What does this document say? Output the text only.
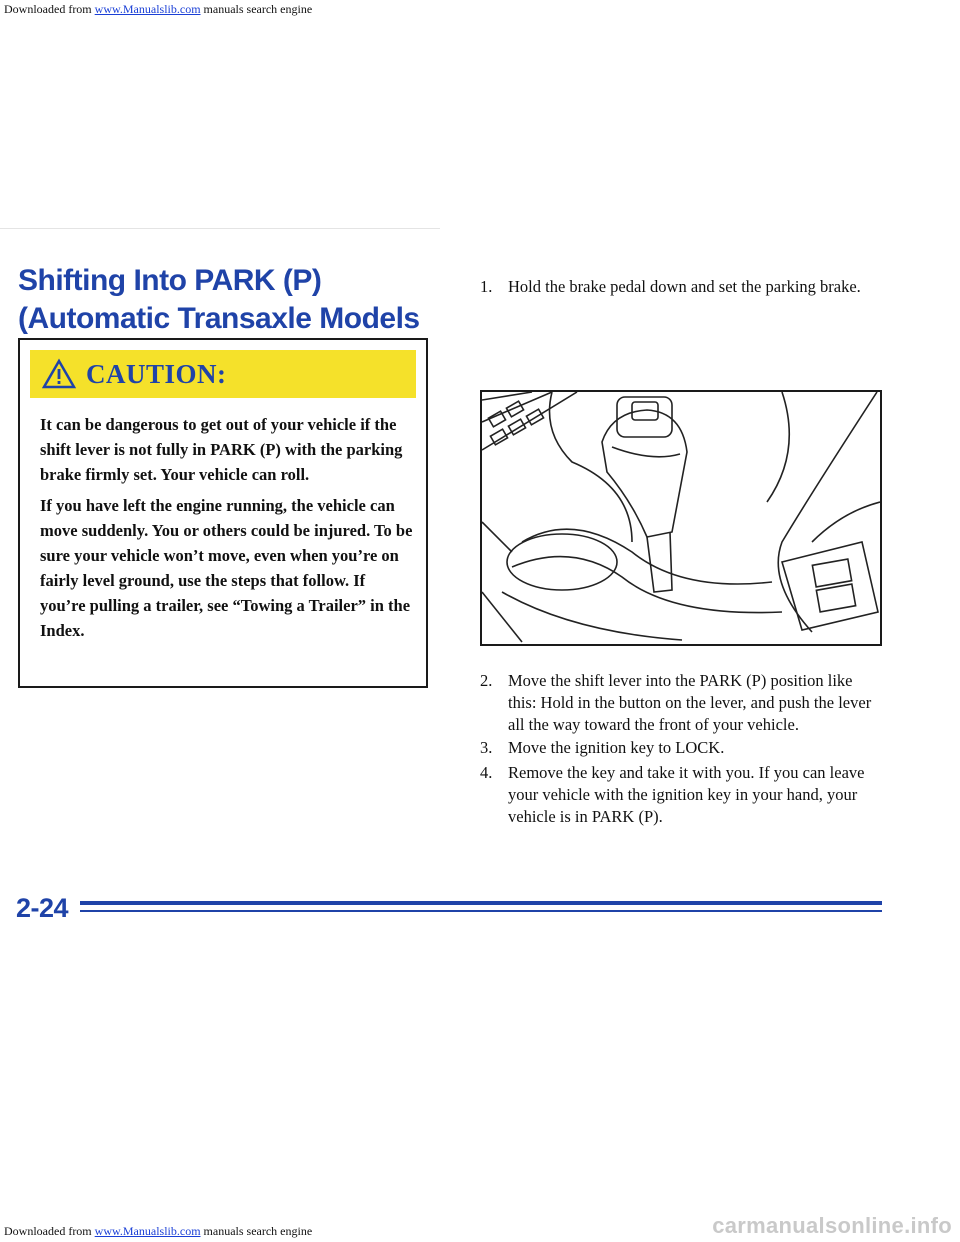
Downloaded from www.Manualslib.com manuals search engine
Shifting Into PARK (P)
(Automatic Transaxle Models
CAUTION:

It can be dangerous to get out of your vehicle if the shift lever is not fully in PARK (P) with the parking brake firmly set. Your vehicle can roll.

If you have left the engine running, the vehicle can move suddenly. You or others could be injured. To be sure your vehicle won’t move, even when you’re on fairly level ground, use the steps that follow. If you’re pulling a trailer, see “Towing a Trailer” in the Index.

1. Hold the brake pedal down and set the parking brake.
2. Move the shift lever into the PARK (P) position like this: Hold in the button on the lever, and push the lever all the way toward the front of your vehicle.
3. Move the ignition key to LOCK.
4. Remove the key and take it with you. If you can leave your vehicle with the ignition key in your hand, your vehicle is in PARK (P).
2-24
Downloaded from www.Manualslib.com manuals search engine	carmanualsonline.info
